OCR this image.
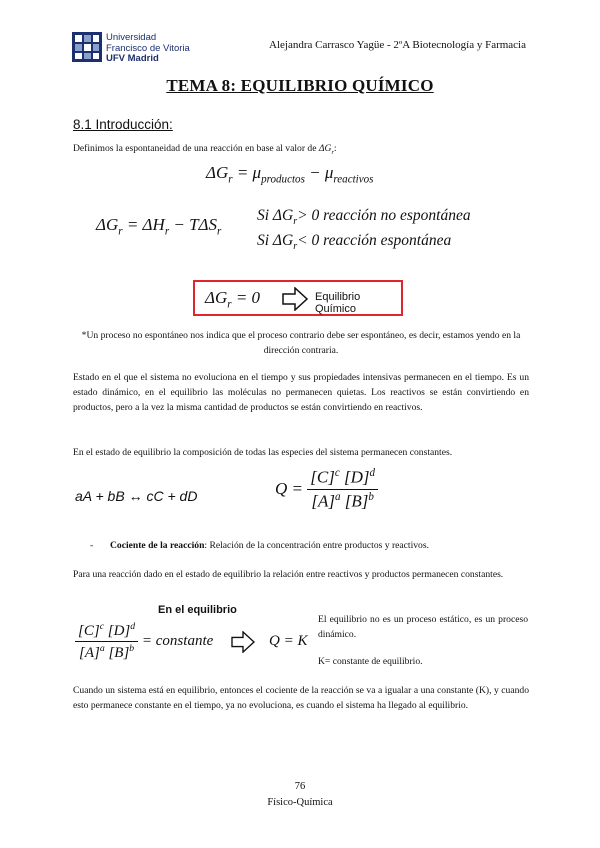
Universidad
Francisco de Vitoria
UFV Madrid
Alejandra Carrasco Yagüe - 2ºA Biotecnología y Farmacia
TEMA 8: EQUILIBRIO QUÍMICO
8.1 Introducción:
Definimos la espontaneidad de una reacción en base al valor de $\Delta G_r$:
$\Delta G_r = \mu_{productos} - \mu_{reactivos}$
$\Delta G_r = \Delta H_r - T\Delta S_r$
Si $\Delta G_r> 0$ reacción no espontánea
Si $\Delta G_r< 0$ reacción espontánea
$\Delta G_r = 0$	Equilibrio Químico
*Un proceso no espontáneo nos indica que el proceso contrario debe ser espontáneo, es decir, estamos yendo en la dirección contraria.
Estado en el que el sistema no evoluciona en el tiempo y sus propiedades intensivas permanecen en el tiempo. Es un estado dinámico, en el equilibrio las moléculas no permanecen quietas. Los reactivos se están convirtiendo en productos, pero a la vez la misma cantidad de productos se están convirtiendo en reactivos.
En el estado de equilibrio la composición de todas las especies del sistema permanecen constantes.
aA + bB ↔ cC + dD	$Q = \frac{[C]^c [D]^d}{[A]^a [B]^b}$
- Cociente de la reacción: Relación de la concentración entre productos y reactivos.
Para una reacción dado en el estado de equilibrio la relación entre reactivos y productos permanecen constantes.
En el equilibrio
$\frac{[C]^c [D]^d}{[A]^a [B]^b}$ = constante	Q = K
El equilibrio no es un proceso estático, es un proceso dinámico.
K= constante de equilibrio.
Cuando un sistema está en equilibrio, entonces el cociente de la reacción se va a igualar a una constante (K), y cuando esto permanece constante en el tiempo, ya no evoluciona, es cuando el sistema ha llegado al equilibrio.
76
Físico-Química
